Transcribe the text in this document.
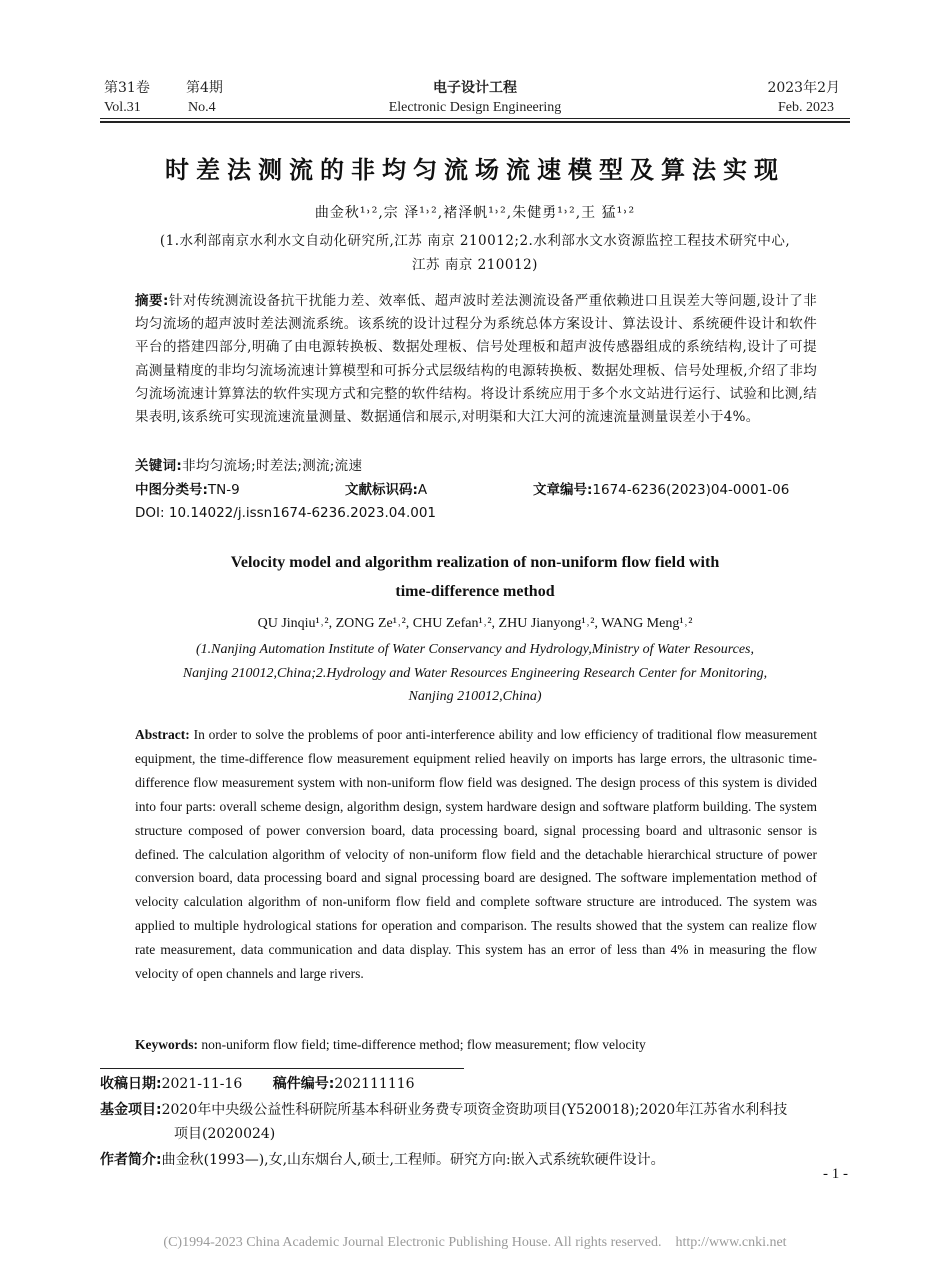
第31卷	第4期	电子设计工程	2023年2月
Vol.31	No.4	Electronic Design Engineering	Feb. 2023
时差法测流的非均匀流场流速模型及算法实现
曲金秋¹˒²,宗 泽¹˒²,褚泽帆¹˒²,朱健勇¹˒²,王 猛¹˒²
(1.水利部南京水利水文自动化研究所,江苏 南京 210012;2.水利部水文水资源监控工程技术研究中心,
江苏 南京 210012)
摘要:针对传统测流设备抗干扰能力差、效率低、超声波时差法测流设备严重依赖进口且误差大等问题,设计了非均匀流场的超声波时差法测流系统。该系统的设计过程分为系统总体方案设计、算法设计、系统硬件设计和软件平台的搭建四部分,明确了由电源转换板、数据处理板、信号处理板和超声波传感器组成的系统结构,设计了可提高测量精度的非均匀流场流速计算模型和可拆分式层级结构的电源转换板、数据处理板、信号处理板,介绍了非均匀流场流速计算算法的软件实现方式和完整的软件结构。将设计系统应用于多个水文站进行运行、试验和比测,结果表明,该系统可实现流速流量测量、数据通信和展示,对明渠和大江大河的流速流量测量误差小于4%。
关键词:非均匀流场;时差法;测流;流速
中图分类号:TN-9	文献标识码:A	文章编号:1674-6236(2023)04-0001-06
DOI: 10.14022/j.issn1674-6236.2023.04.001
Velocity model and algorithm realization of non-uniform flow field with
time-difference method
QU Jinqiu¹˒², ZONG Ze¹˒², CHU Zefan¹˒², ZHU Jianyong¹˒², WANG Meng¹˒²
(1.Nanjing Automation Institute of Water Conservancy and Hydrology,Ministry of Water Resources,
Nanjing 210012,China;2.Hydrology and Water Resources Engineering Research Center for Monitoring,
Nanjing 210012,China)
Abstract: In order to solve the problems of poor anti-interference ability and low efficiency of traditional flow measurement equipment, the time-difference flow measurement equipment relied heavily on imports has large errors, the ultrasonic time-difference flow measurement system with non-uniform flow field was designed. The design process of this system is divided into four parts: overall scheme design, algorithm design, system hardware design and software platform building. The system structure composed of power conversion board, data processing board, signal processing board and ultrasonic sensor is defined. The calculation algorithm of velocity of non-uniform flow field and the detachable hierarchical structure of power conversion board, data processing board and signal processing board are designed. The software implementation method of velocity calculation algorithm of non-uniform flow field and complete software structure are introduced. The system was applied to multiple hydrological stations for operation and comparison. The results showed that the system can realize flow rate measurement, data communication and data display. This system has an error of less than 4% in measuring the flow velocity of open channels and large rivers.
Keywords: non-uniform flow field; time-difference method; flow measurement; flow velocity
收稿日期:2021-11-16 稿件编号:202111116
基金项目:2020年中央级公益性科研院所基本科研业务费专项资金资助项目(Y520018);2020年江苏省水利科技
项目(2020024)
作者简介:曲金秋(1993—),女,山东烟台人,硕士,工程师。研究方向:嵌入式系统软硬件设计。
- 1 -
(C)1994-2023 China Academic Journal Electronic Publishing House. All rights reserved.    http://www.cnki.net
